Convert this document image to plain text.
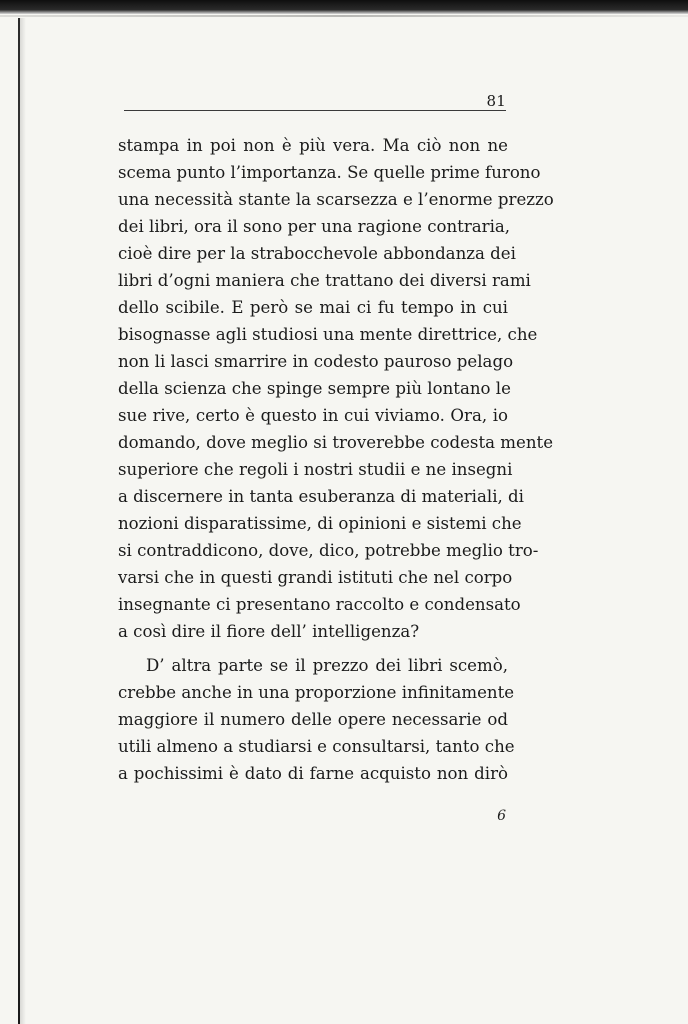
81
stampa in poi non è più vera. Ma ciò non ne
scema punto l’importanza. Se quelle prime furono
una necessità stante la scarsezza e l’enorme prezzo
dei libri, ora il sono per una ragione contraria,
cioè dire per la strabocchevole abbondanza dei
libri d’ogni maniera che trattano dei diversi rami
dello scibile. E però se mai ci fu tempo in cui
bisognasse agli studiosi una mente direttrice, che
non li lasci smarrire in codesto pauroso pelago
della scienza che spinge sempre più lontano le
sue rive, certo è questo in cui viviamo. Ora, io
domando, dove meglio si troverebbe codesta mente
superiore che regoli i nostri studii e ne insegni
a discernere in tanta esuberanza di materiali, di
nozioni disparatissime, di opinioni e sistemi che
si contraddicono, dove, dico, potrebbe meglio tro-
varsi che in questi grandi istituti che nel corpo
insegnante ci presentano raccolto e condensato
a così dire il fiore dell’ intelligenza?
D’ altra parte se il prezzo dei libri scemò,
crebbe anche in una proporzione infinitamente
maggiore il numero delle opere necessarie od
utili almeno a studiarsi e consultarsi, tanto che
a pochissimi è dato di farne acquisto non dirò
6
